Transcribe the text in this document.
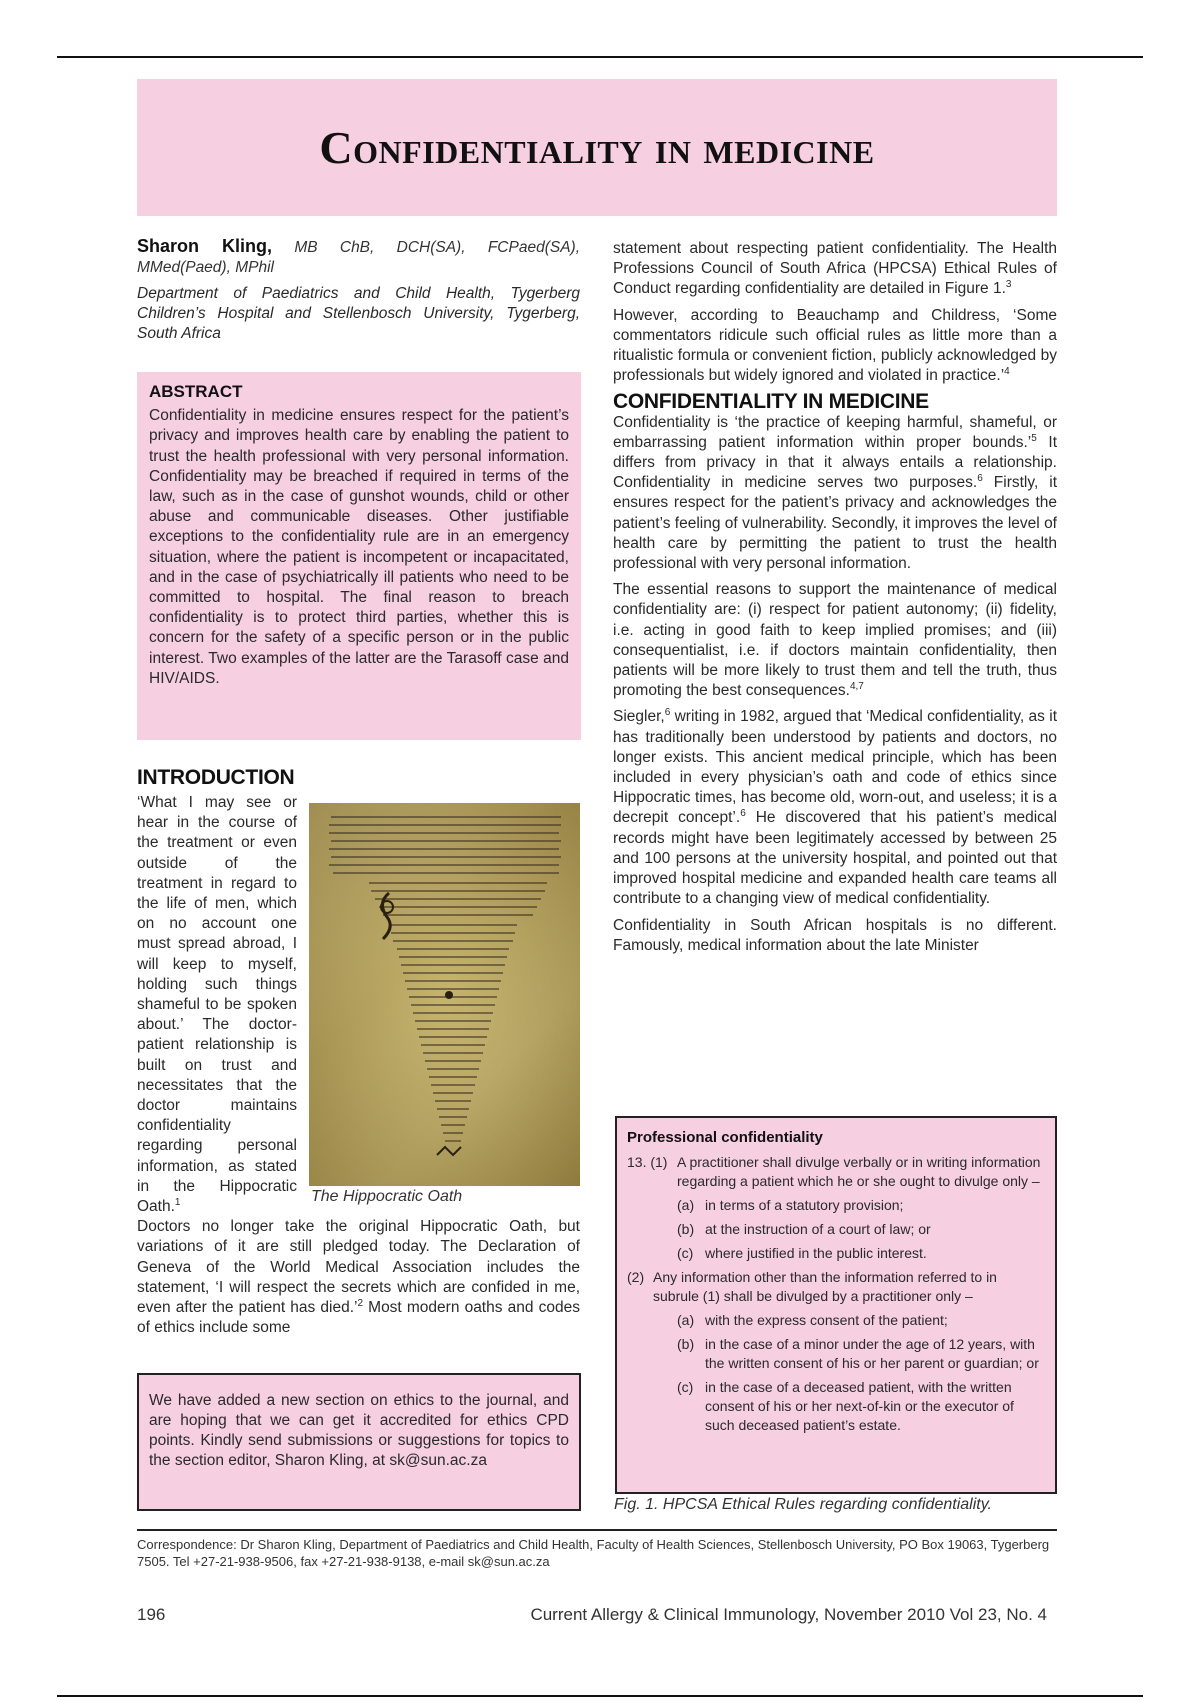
Confidentiality in medicine

Sharon Kling, MB ChB, DCH(SA), FCPaed(SA), MMed(Paed), MPhil

Department of Paediatrics and Child Health, Tygerberg Children’s Hospital and Stellenbosch University, Tygerberg, South Africa

ABSTRACT

Confidentiality in medicine ensures respect for the patient’s privacy and improves health care by enabling the patient to trust the health professional with very personal information. Confidentiality may be breached if required in terms of the law, such as in the case of gunshot wounds, child or other abuse and communicable diseases. Other justifiable exceptions to the confidentiality rule are in an emergency situation, where the patient is incompetent or incapacitated, and in the case of psychiatrically ill patients who need to be committed to hospital. The final reason to breach confidentiality is to protect third parties, whether this is concern for the safety of a specific person or in the public interest. Two examples of the latter are the Tarasoff case and HIV/AIDS.

INTRODUCTION

‘What I may see or hear in the course of the treatment or even outside of the treatment in regard to the life of men, which on no account one must spread abroad, I will keep to myself, holding such things shameful to be spoken about.’ The doctor-patient relationship is built on trust and necessitates that the doctor maintains confidentiality regarding personal information, as stated in the Hippocratic Oath.$^1$

Doctors no longer take the original Hippocratic Oath, but variations of it are still pledged today. The Declaration of Geneva of the World Medical Association includes the statement, ‘I will respect the secrets which are confided in me, even after the patient has died.’$^2$ Most modern oaths and codes of ethics include some

The Hippocratic Oath

We have added a new section on ethics to the journal, and are hoping that we can get it accredited for ethics CPD points. Kindly send submissions or suggestions for topics to the section editor, Sharon Kling, at sk@sun.ac.za

statement about respecting patient confidentiality. The Health Professions Council of South Africa (HPCSA) Ethical Rules of Conduct regarding confidentiality are detailed in Figure 1.$^3$

However, according to Beauchamp and Childress, ‘Some commentators ridicule such official rules as little more than a ritualistic formula or convenient fiction, publicly acknowledged by professionals but widely ignored and violated in practice.’$^4$

CONFIDENTIALITY IN MEDICINE

Confidentiality is ‘the practice of keeping harmful, shameful, or embarrassing patient information within proper bounds.’$^5$ It differs from privacy in that it always entails a relationship. Confidentiality in medicine serves two purposes.$^6$ Firstly, it ensures respect for the patient’s privacy and acknowledges the patient’s feeling of vulnerability. Secondly, it improves the level of health care by permitting the patient to trust the health professional with very personal information.

The essential reasons to support the maintenance of medical confidentiality are: (i) respect for patient autonomy; (ii) fidelity, i.e. acting in good faith to keep implied promises; and (iii) consequentialist, i.e. if doctors maintain confidentiality, then patients will be more likely to trust them and tell the truth, thus promoting the best consequences.$^{4,7}$

Siegler,$^6$ writing in 1982, argued that ‘Medical confidentiality, as it has traditionally been understood by patients and doctors, no longer exists. This ancient medical principle, which has been included in every physician’s oath and code of ethics since Hippocratic times, has become old, worn-out, and useless; it is a decrepit concept’.$^6$ He discovered that his patient’s medical records might have been legitimately accessed by between 25 and 100 persons at the university hospital, and pointed out that improved hospital medicine and expanded health care teams all contribute to a changing view of medical confidentiality.

Confidentiality in South African hospitals is no different. Famously, medical information about the late Minister

Professional confidentiality
13. (1) A practitioner shall divulge verbally or in writing information regarding a patient which he or she ought to divulge only –
(a) in terms of a statutory provision;
(b) at the instruction of a court of law; or
(c) where justified in the public interest.
(2) Any information other than the information referred to in subrule (1) shall be divulged by a practitioner only –
(a) with the express consent of the patient;
(b) in the case of a minor under the age of 12 years, with the written consent of his or her parent or guardian; or
(c) in the case of a deceased patient, with the written consent of his or her next-of-kin or the executor of such deceased patient’s estate.
Fig. 1. HPCSA Ethical Rules regarding confidentiality.
Correspondence: Dr Sharon Kling, Department of Paediatrics and Child Health, Faculty of Health Sciences, Stellenbosch University, PO Box 19063, Tygerberg 7505. Tel +27-21-938-9506, fax +27-21-938-9138, e-mail sk@sun.ac.za
196	Current Allergy & Clinical Immunology, November 2010 Vol 23, No. 4
